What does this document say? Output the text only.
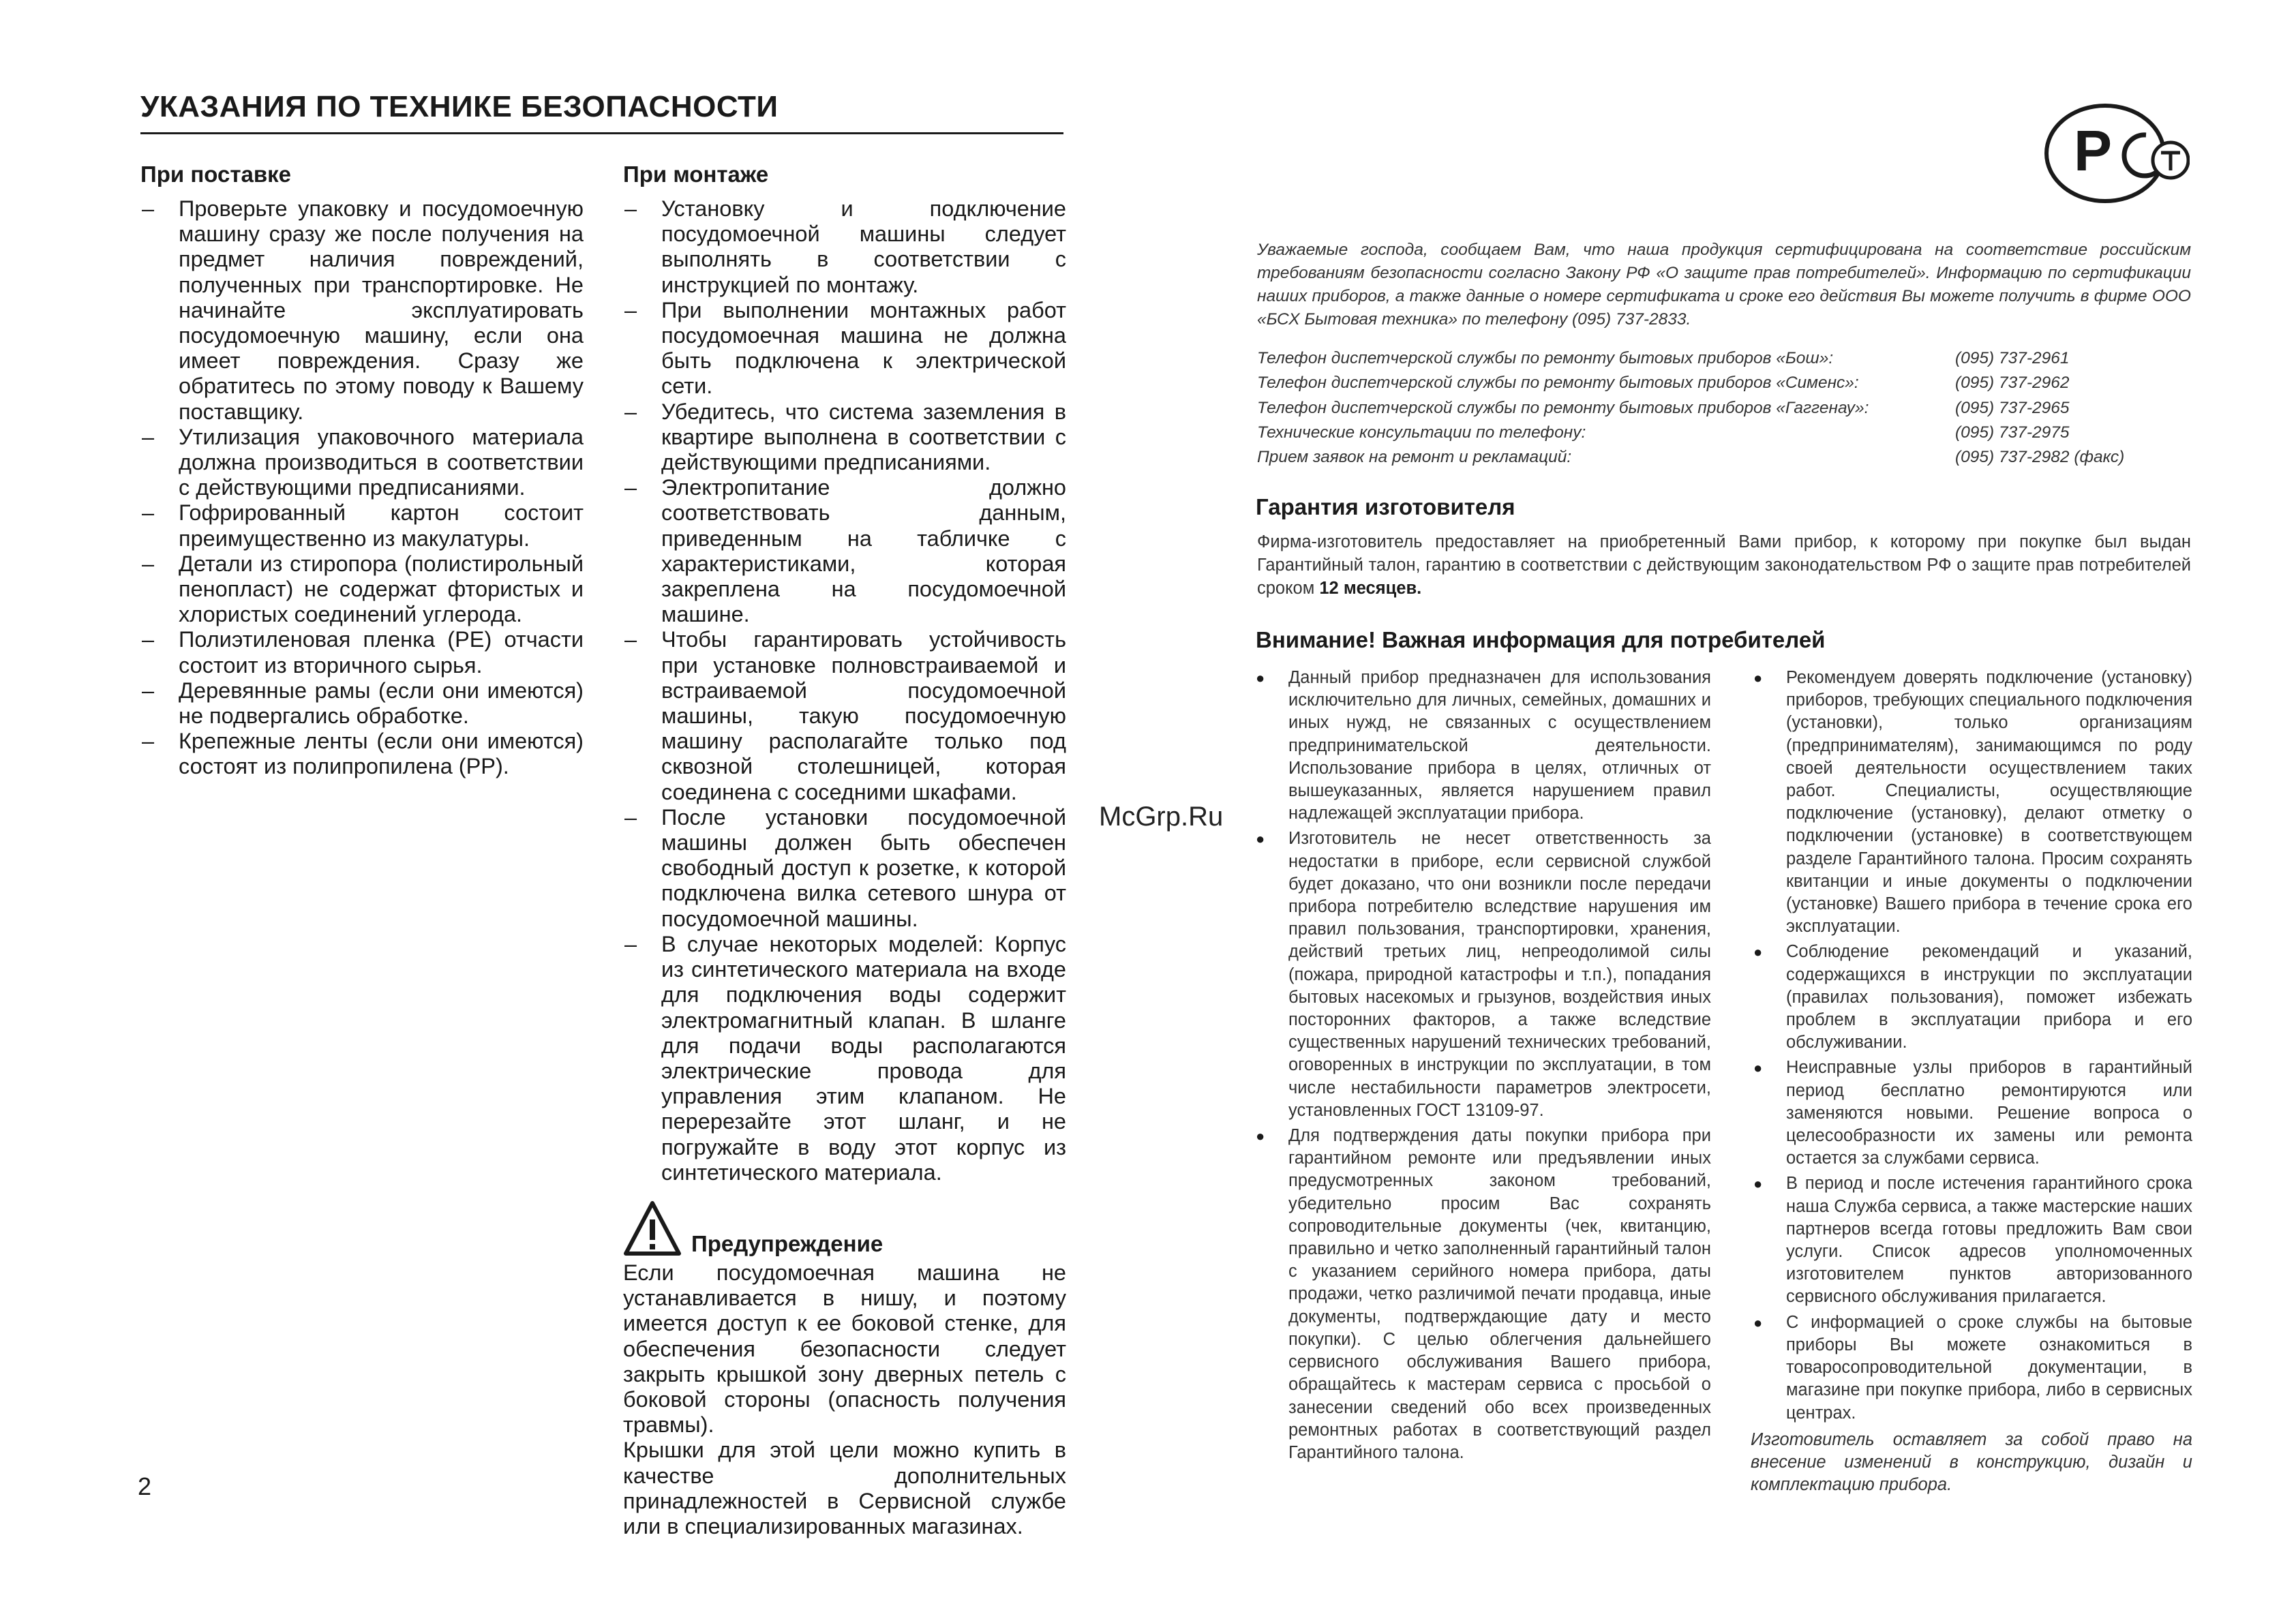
УКАЗАНИЯ ПО ТЕХНИКЕ БЕЗОПАСНОСТИ
Р
При поставке
– Проверьте упаковку и посудомоечную машину сразу же после получения на предмет наличия повреждений, полученных при транспортировке. Не начинайте эксплуатировать посудомоечную машину, если она имеет повреждения. Сразу же обратитесь по этому поводу к Вашему поставщику.
– Утилизация упаковочного материала должна производиться в соответствии с действующими предписаниями.
– Гофрированный картон состоит преимущественно из макулатуры.
– Детали из стиропора (полистирольный пенопласт) не содержат фтористых и хлористых соединений углерода.
– Полиэтиленовая пленка (РЕ) отчасти состоит из вторичного сырья.
– Деревянные рамы (если они имеются) не подвергались обработке.
– Крепежные ленты (если они имеются) состоят из полипропилена (РР).
При монтаже
– Установку и подключение посудомоечной машины следует выполнять в соответствии с инструкцией по монтажу.
– При выполнении монтажных работ посудомоечная машина не должна быть подключена к электрической сети.
– Убедитесь, что система заземления в квартире выполнена в соответствии с действующими предписаниями.
– Электропитание должно соответствовать данным, приведенным на табличке с характеристиками, которая закреплена на посудомоечной машине.
– Чтобы гарантировать устойчивость при установке полновстраиваемой и встраиваемой посудомоечной машины, такую посудомоечную машину располагайте только под сквозной столешницей, которая соединена с соседними шкафами.
– После установки посудомоечной машины должен быть обеспечен свободный доступ к розетке, к которой подключена вилка сетевого шнура от посудомоечной машины.
– В случае некоторых моделей: Корпус из синтетического материала на входе для подключения воды содержит электромагнитный клапан. В шланге для подачи воды располагаются электрические провода для управления этим клапаном. Не перерезайте этот шланг, и не погружайте в воду этот корпус из синтетического материала.
Предупреждение

Если посудомоечная машина не устанавливается в нишу, и поэтому имеется доступ к ее боковой стенке, для обеспечения безопасности следует закрыть крышкой зону дверных петель с боковой стороны (опасность получения травмы).

Крышки для этой цели можно купить в качестве дополнительных принадлежностей в Сервисной службе или в специализированных магазинах.

McGrp.Ru
Уважаемые господа, сообщаем Вам, что наша продукция сертифицирована на соответствие российским требованиям безопасности согласно Закону РФ «О защите прав потребителей». Информацию по сертификации наших приборов, а также данные о номере сертификата и сроке его действия Вы можете получить в фирме ООО «БСХ Бытовая техника» по телефону (095) 737-2833.
Телефон диспетчерской службы по ремонту бытовых приборов «Бош»:	(095) 737-2961
Телефон диспетчерской службы по ремонту бытовых приборов «Сименс»:	(095) 737-2962
Телефон диспетчерской службы по ремонту бытовых приборов «Гаггенау»:	(095) 737-2965
Технические консультации по телефону:	(095) 737-2975
Прием заявок на ремонт и рекламаций:	(095) 737-2982 (факс)
Гарантия изготовителя
Фирма-изготовитель предоставляет на приобретенный Вами прибор, к которому при покупке был выдан Гарантийный талон, гарантию в соответствии с действующим законодательством РФ о защите прав потребителей сроком 12 месяцев.
Внимание! Важная информация для потребителей
● Данный прибор предназначен для использования исключительно для личных, семейных, домашних и иных нужд, не связанных с осуществлением предпринимательской деятельности. Использование прибора в целях, отличных от вышеуказанных, является нарушением правил надлежащей эксплуатации прибора.
● Изготовитель не несет ответственность за недостатки в приборе, если сервисной службой будет доказано, что они возникли после передачи прибора потребителю вследствие нарушения им правил пользования, транспортировки, хранения, действий третьих лиц, непреодолимой силы (пожара, природной катастрофы и т.п.), попадания бытовых насекомых и грызунов, воздействия иных посторонних факторов, а также вследствие существенных нарушений технических требований, оговоренных в инструкции по эксплуатации, в том числе нестабильности параметров электросети, установленных ГОСТ 13109-97.
● Для подтверждения даты покупки прибора при гарантийном ремонте или предъявлении иных предусмотренных законом требований, убедительно просим Вас сохранять сопроводительные документы (чек, квитанцию, правильно и четко заполненный гарантийный талон с указанием серийного номера прибора, даты продажи, четко различимой печати продавца, иные документы, подтверждающие дату и место покупки). С целью облегчения дальнейшего сервисного обслуживания Вашего прибора, обращайтесь к мастерам сервиса с просьбой о занесении сведений обо всех произведенных ремонтных работах в соответствующий раздел Гарантийного талона.
● Рекомендуем доверять подключение (установку) приборов, требующих специального подключения (установки), только организациям (предпринимателям), занимающимся по роду своей деятельности осуществлением таких работ. Специалисты, осуществляющие подключение (установку), делают отметку о подключении (установке) в соответствующем разделе Гарантийного талона. Просим сохранять квитанции и иные документы о подключении (установке) Вашего прибора в течение срока его эксплуатации.
● Соблюдение рекомендаций и указаний, содержащихся в инструкции по эксплуатации (правилах пользования), поможет избежать проблем в эксплуатации прибора и его обслуживании.
● Неисправные узлы приборов в гарантийный период бесплатно ремонтируются или заменяются новыми. Решение вопроса о целесообразности их замены или ремонта остается за службами сервиса.
● В период и после истечения гарантийного срока наша Служба сервиса, а также мастерские наших партнеров всегда готовы предложить Вам свои услуги. Список адресов уполномоченных изготовителем пунктов авторизованного сервисного обслуживания прилагается.
● С информацией о сроке службы на бытовые приборы Вы можете ознакомиться в товаросопроводительной документации, в магазине при покупке прибора, либо в сервисных центрах.
Изготовитель оставляет за собой право на внесение изменений в конструкцию, дизайн и комплектацию прибора.
2
